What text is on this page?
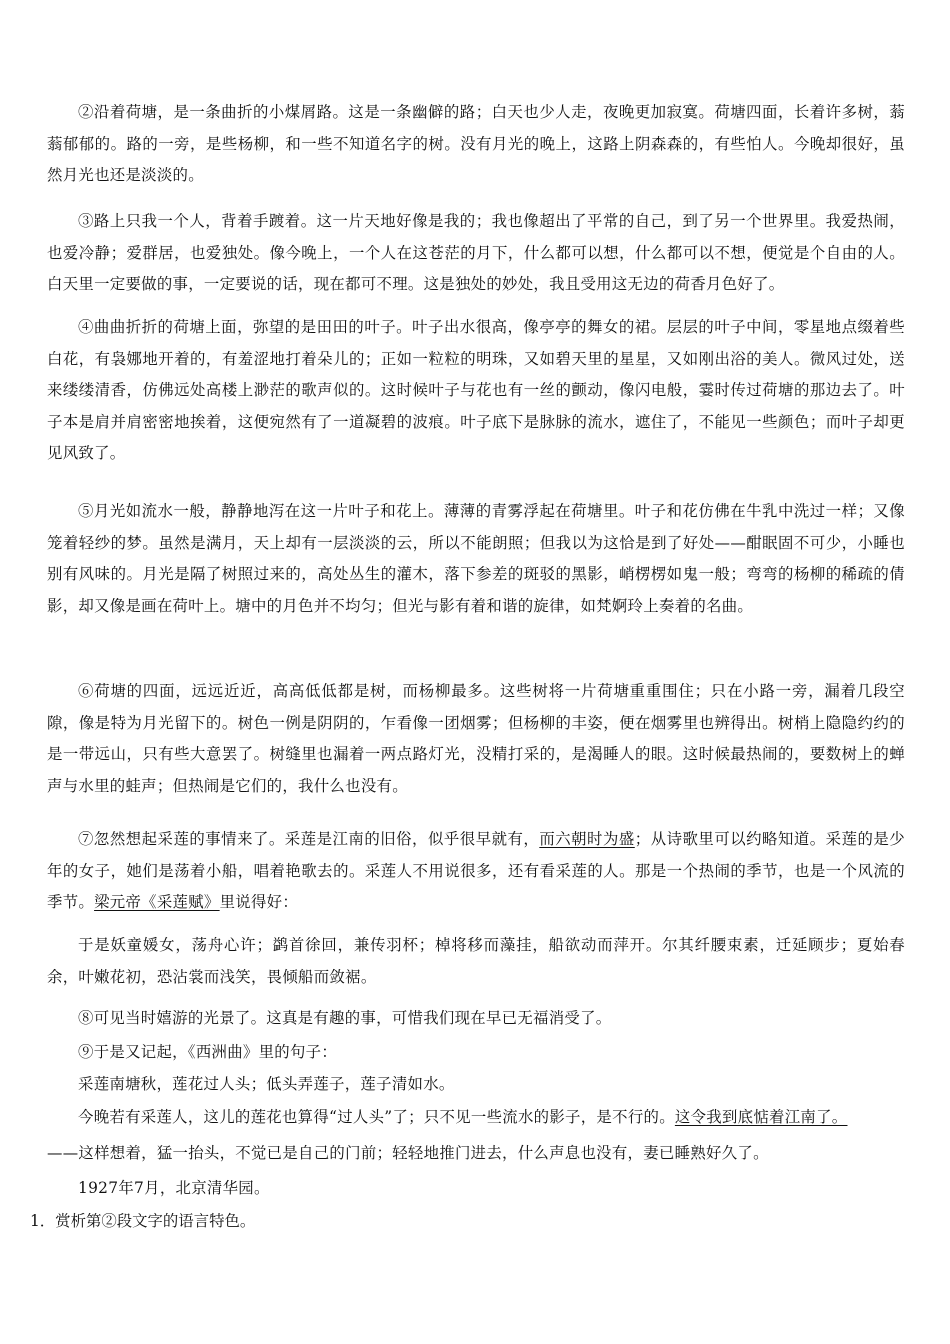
②沿着荷塘，是一条曲折的小煤屑路。这是一条幽僻的路；白天也少人走，夜晚更加寂寞。荷塘四面，长着许多树，蓊蓊郁郁的。路的一旁，是些杨柳，和一些不知道名字的树。没有月光的晚上，这路上阴森森的，有些怕人。今晚却很好，虽然月光也还是淡淡的。

③路上只我一个人，背着手踱着。这一片天地好像是我的；我也像超出了平常的自己，到了另一个世界里。我爱热闹，也爱冷静；爱群居，也爱独处。像今晚上，一个人在这苍茫的月下，什么都可以想，什么都可以不想，便觉是个自由的人。白天里一定要做的事，一定要说的话，现在都可不理。这是独处的妙处，我且受用这无边的荷香月色好了。

④曲曲折折的荷塘上面，弥望的是田田的叶子。叶子出水很高，像亭亭的舞女的裙。层层的叶子中间，零星地点缀着些白花，有袅娜地开着的，有羞涩地打着朵儿的；正如一粒粒的明珠，又如碧天里的星星，又如刚出浴的美人。微风过处，送来缕缕清香，仿佛远处高楼上渺茫的歌声似的。这时候叶子与花也有一丝的颤动，像闪电般，霎时传过荷塘的那边去了。叶子本是肩并肩密密地挨着，这便宛然有了一道凝碧的波痕。叶子底下是脉脉的流水，遮住了，不能见一些颜色；而叶子却更见风致了。

⑤月光如流水一般，静静地泻在这一片叶子和花上。薄薄的青雾浮起在荷塘里。叶子和花仿佛在牛乳中洗过一样；又像笼着轻纱的梦。虽然是满月，天上却有一层淡淡的云，所以不能朗照；但我以为这恰是到了好处——酣眠固不可少，小睡也别有风味的。月光是隔了树照过来的，高处丛生的灌木，落下参差的斑驳的黑影，峭楞楞如鬼一般；弯弯的杨柳的稀疏的倩影，却又像是画在荷叶上。塘中的月色并不均匀；但光与影有着和谐的旋律，如梵婀玲上奏着的名曲。

⑥荷塘的四面，远远近近，高高低低都是树，而杨柳最多。这些树将一片荷塘重重围住；只在小路一旁，漏着几段空隙，像是特为月光留下的。树色一例是阴阴的，乍看像一团烟雾；但杨柳的丰姿，便在烟雾里也辨得出。树梢上隐隐约约的是一带远山，只有些大意罢了。树缝里也漏着一两点路灯光，没精打采的，是渴睡人的眼。这时候最热闹的，要数树上的蝉声与水里的蛙声；但热闹是它们的，我什么也没有。

⑦忽然想起采莲的事情来了。采莲是江南的旧俗，似乎很早就有，而六朝时为盛；从诗歌里可以约略知道。采莲的是少年的女子，她们是荡着小船，唱着艳歌去的。采莲人不用说很多，还有看采莲的人。那是一个热闹的季节，也是一个风流的季节。梁元帝《采莲赋》里说得好：

于是妖童媛女，荡舟心许；鹢首徐回，兼传羽杯；棹将移而藻挂，船欲动而萍开。尔其纤腰束素，迁延顾步；夏始春余，叶嫩花初，恐沾裳而浅笑，畏倾船而敛裾。

⑧可见当时嬉游的光景了。这真是有趣的事，可惜我们现在早已无福消受了。

⑨于是又记起，《西洲曲》里的句子：

采莲南塘秋，莲花过人头；低头弄莲子，莲子清如水。

今晚若有采莲人，这儿的莲花也算得“过人头”了；只不见一些流水的影子，是不行的。这令我到底惦着江南了。

——这样想着，猛一抬头，不觉已是自己的门前；轻轻地推门进去，什么声息也没有，妻已睡熟好久了。

1927年7月，北京清华园。

1．赏析第②段文字的语言特色。
